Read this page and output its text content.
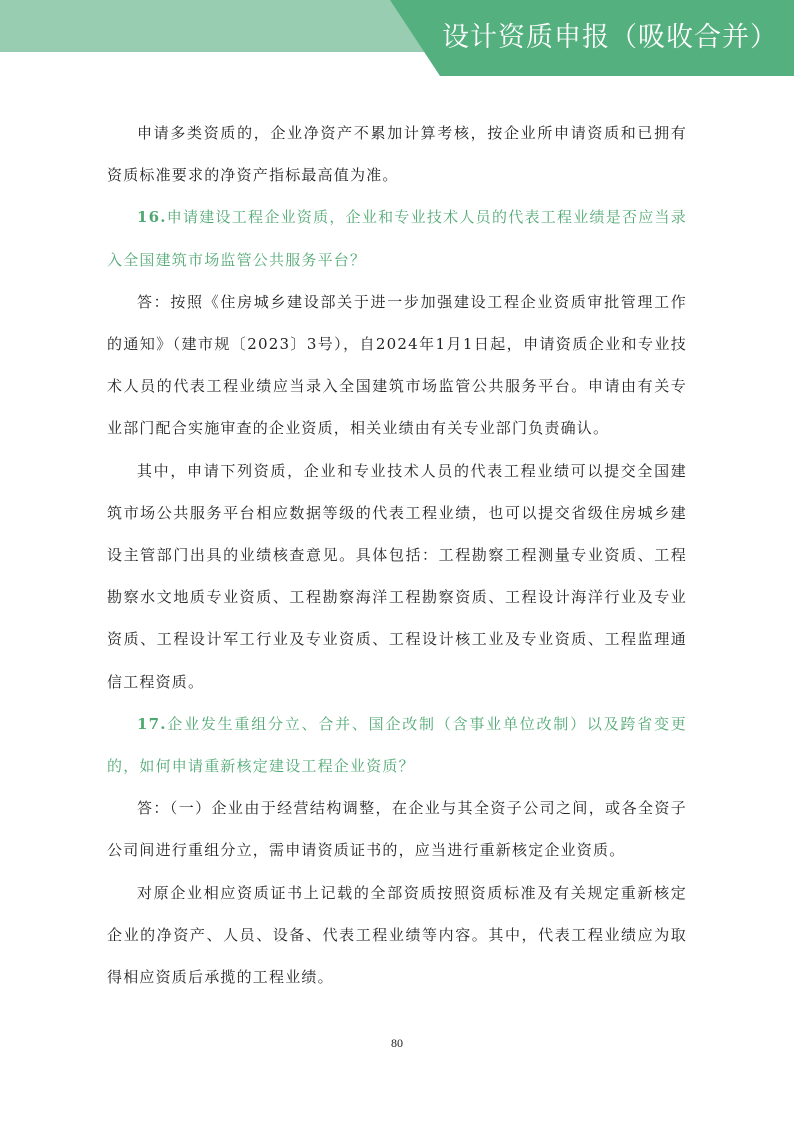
设计资质申报（吸收合并）

申请多类资质的，企业净资产不累加计算考核，按企业所申请资质和已拥有资质标准要求的净资产指标最高值为准。

16.申请建设工程企业资质，企业和专业技术人员的代表工程业绩是否应当录入全国建筑市场监管公共服务平台？

答：按照《住房城乡建设部关于进一步加强建设工程企业资质审批管理工作的通知》（建市规〔2023〕3号），自2024年1月1日起，申请资质企业和专业技术人员的代表工程业绩应当录入全国建筑市场监管公共服务平台。申请由有关专业部门配合实施审查的企业资质，相关业绩由有关专业部门负责确认。

其中，申请下列资质，企业和专业技术人员的代表工程业绩可以提交全国建筑市场公共服务平台相应数据等级的代表工程业绩，也可以提交省级住房城乡建设主管部门出具的业绩核查意见。具体包括：工程勘察工程测量专业资质、工程勘察水文地质专业资质、工程勘察海洋工程勘察资质、工程设计海洋行业及专业资质、工程设计军工行业及专业资质、工程设计核工业及专业资质、工程监理通信工程资质。

17.企业发生重组分立、合并、国企改制（含事业单位改制）以及跨省变更的，如何申请重新核定建设工程企业资质？

答：（一）企业由于经营结构调整，在企业与其全资子公司之间，或各全资子公司间进行重组分立，需申请资质证书的，应当进行重新核定企业资质。

对原企业相应资质证书上记载的全部资质按照资质标准及有关规定重新核定企业的净资产、人员、设备、代表工程业绩等内容。其中，代表工程业绩应为取得相应资质后承揽的工程业绩。

80
